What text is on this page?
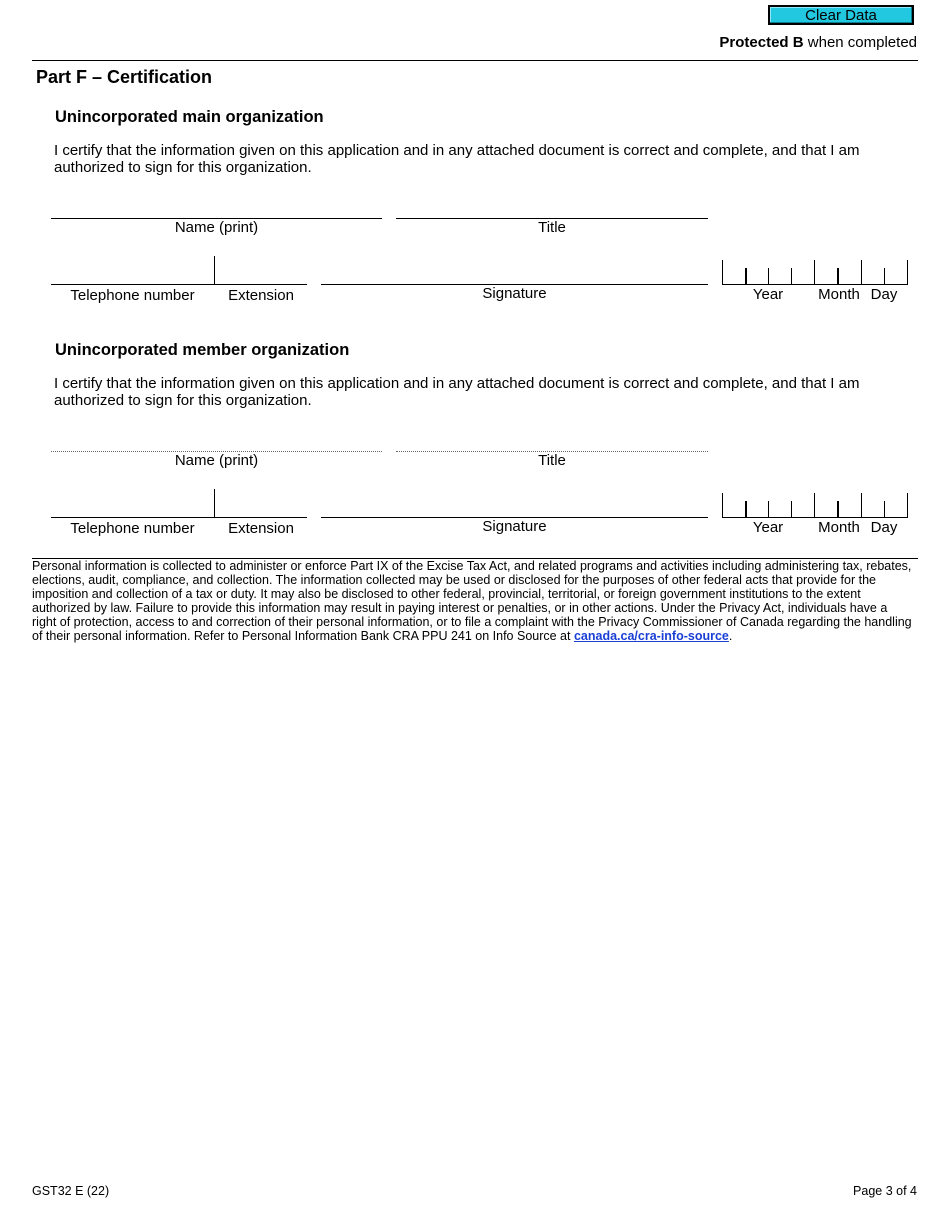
Clear Data
Protected B when completed
Part F – Certification
Unincorporated main organization
I certify that the information given on this application and in any attached document is correct and complete, and that I am authorized to sign for this organization.
Name (print)	Title
Telephone number	Extension	Signature	Year	Month Day
Unincorporated member organization
I certify that the information given on this application and in any attached document is correct and complete, and that I am authorized to sign for this organization.
Name (print)	Title
Telephone number	Extension	Signature	Year	Month Day
Personal information is collected to administer or enforce Part IX of the Excise Tax Act, and related programs and activities including administering tax, rebates, elections, audit, compliance, and collection. The information collected may be used or disclosed for the purposes of other federal acts that provide for the imposition and collection of a tax or duty. It may also be disclosed to other federal, provincial, territorial, or foreign government institutions to the extent authorized by law. Failure to provide this information may result in paying interest or penalties, or in other actions. Under the Privacy Act, individuals have a right of protection, access to and correction of their personal information, or to file a complaint with the Privacy Commissioner of Canada regarding the handling of their personal information. Refer to Personal Information Bank CRA PPU 241 on Info Source at canada.ca/cra-info-source.
GST32 E (22)	Page 3 of 4
